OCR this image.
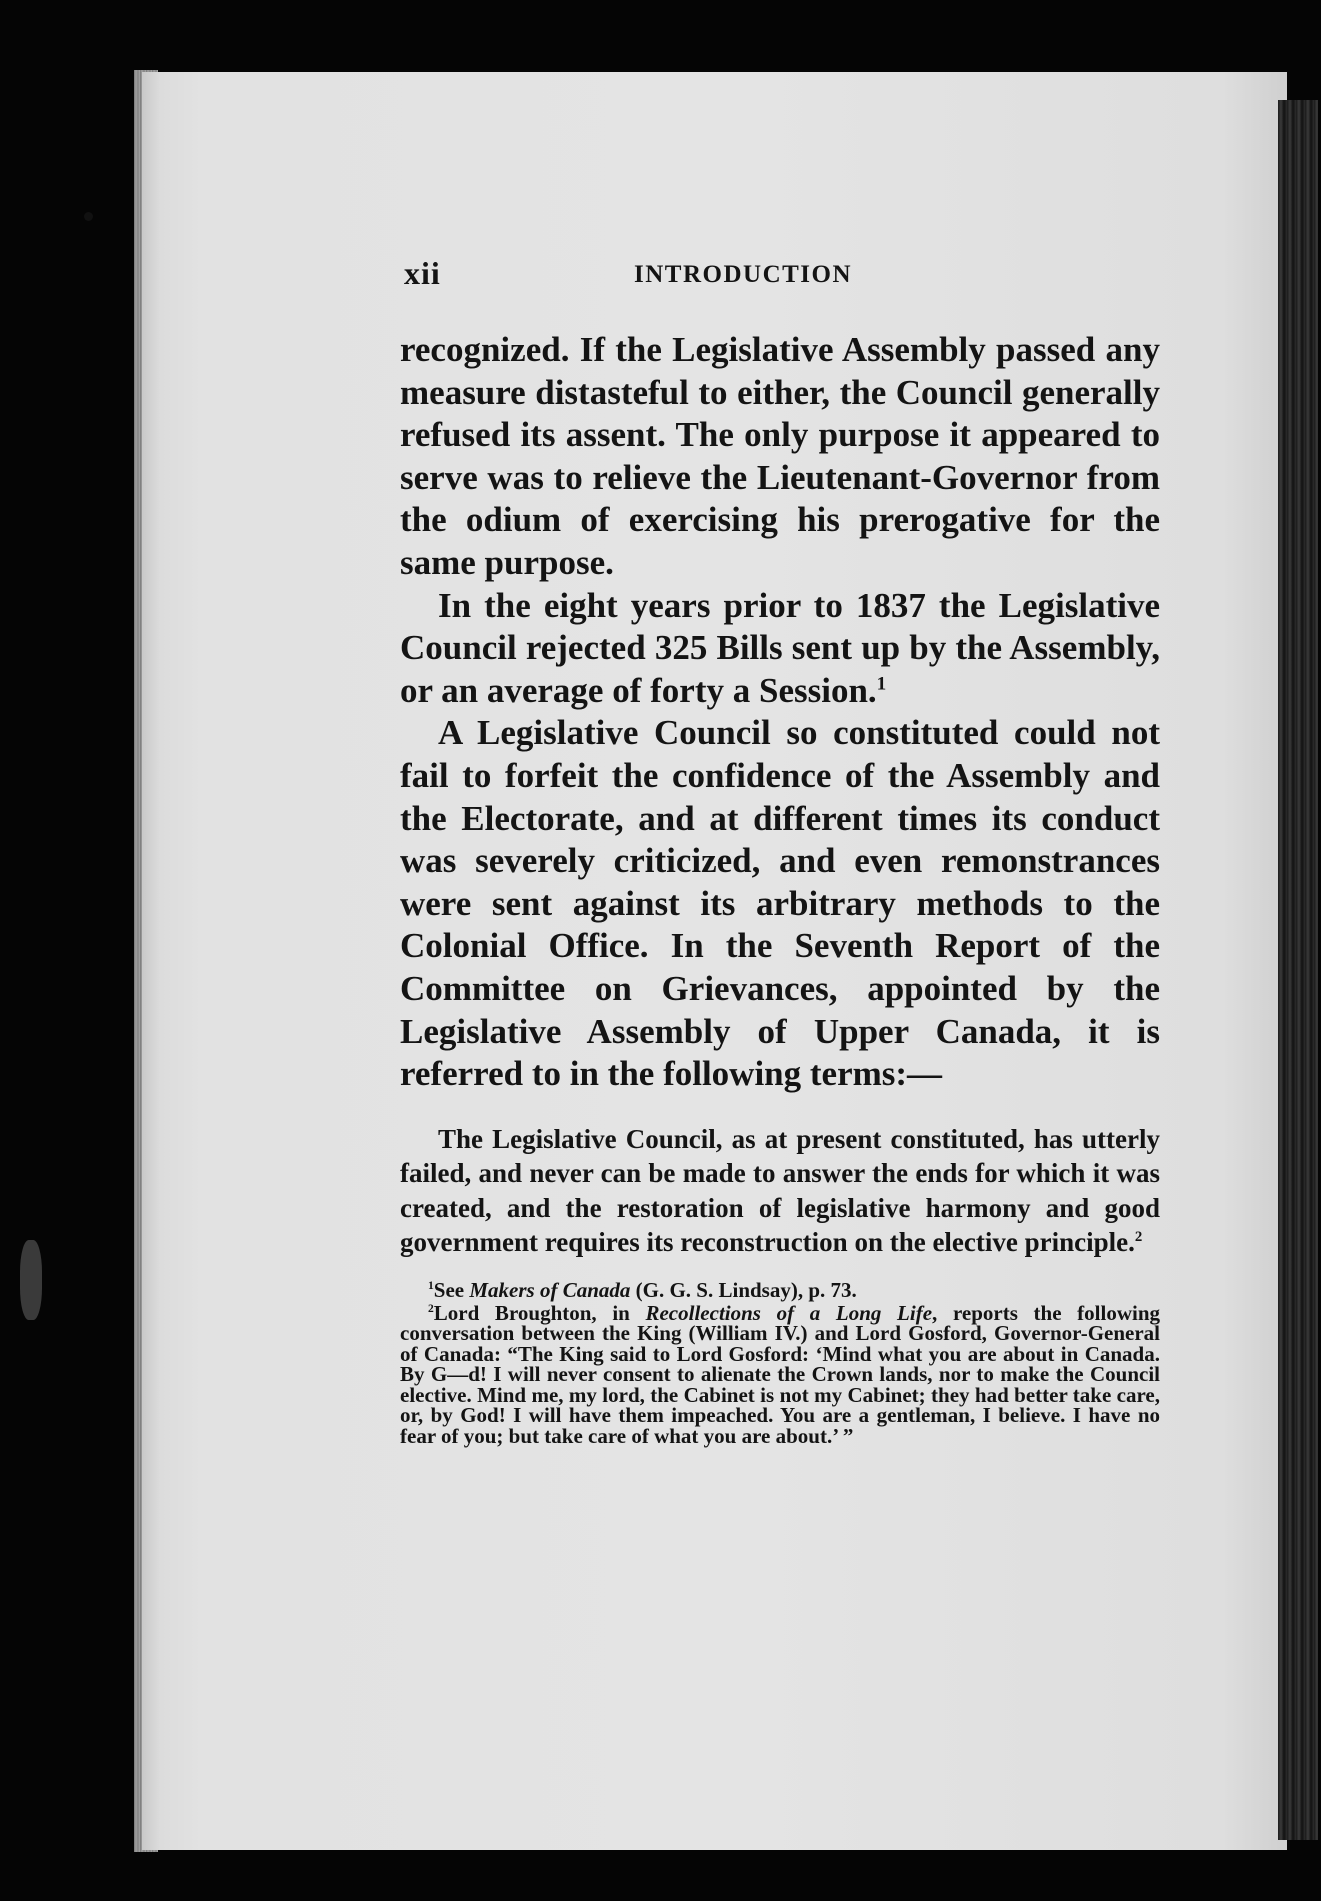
xii	INTRODUCTION

recognized. If the Legislative Assembly passed any measure distasteful to either, the Council generally refused its assent. The only purpose it appeared to serve was to relieve the Lieutenant-Governor from the odium of exercising his prerogative for the same purpose.

In the eight years prior to 1837 the Legislative Council rejected 325 Bills sent up by the Assembly, or an average of forty a Session.$^1$

A Legislative Council so constituted could not fail to forfeit the confidence of the Assembly and the Electorate, and at different times its conduct was severely criticized, and even remonstrances were sent against its arbitrary methods to the Colonial Office. In the Seventh Report of the Committee on Grievances, appointed by the Legislative Assembly of Upper Canada, it is referred to in the following terms:—

The Legislative Council, as at present constituted, has utterly failed, and never can be made to answer the ends for which it was created, and the restoration of legislative harmony and good government requires its reconstruction on the elective principle.$^2$

$^1$See Makers of Canada (G. G. S. Lindsay), p. 73.

$^2$Lord Broughton, in Recollections of a Long Life, reports the following conversation between the King (William IV.) and Lord Gosford, Governor-General of Canada: “The King said to Lord Gosford: ‘Mind what you are about in Canada. By G—d! I will never consent to alienate the Crown lands, nor to make the Council elective. Mind me, my lord, the Cabinet is not my Cabinet; they had better take care, or, by God! I will have them impeached. You are a gentleman, I believe. I have no fear of you; but take care of what you are about.’ ”
